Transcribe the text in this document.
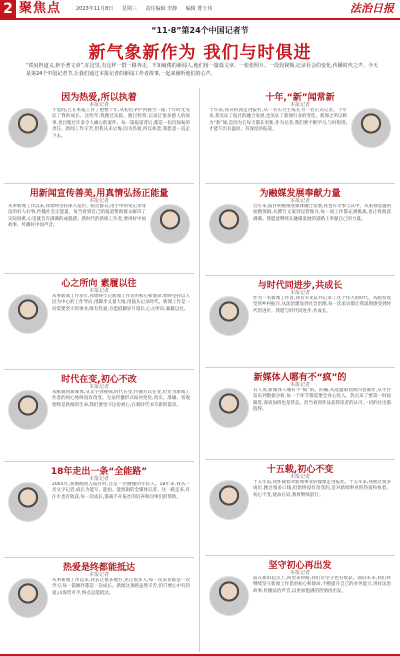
2 聚焦点	2023年11月8日 星期三 责任编辑 李静 编辑 曹玉伟	法治日报
“11·8”第24个中国记者节
新气象新作为 我们与时俱进
“铁肩担道义,妙手著文章”,在这里,有这样一群一路奔走、不知疲倦的新闻人,他们用一篇篇文章、一张张照片、一段段视频,记录社会的变化,传播时代之声。今天是第24个中国记者节,让我们通过本报记者的新闻工作者故事,一起来倾听他们的心声。
因为热爱,所以执着
本报记者
不觉间,已在本报工作了整整十年,从初出茅庐到独当一面,十年时光见证了我的成长。这些年,我跑过法院、跑过检察,记录过很多感人的故事,也目睹过许多令人痛心的案件。每一篇报道背后,都是一份沉甸甸的责任。新闻工作辛苦,但我从未后悔,因为热爱,所以执着,我愿意一直走下去。
用新闻宣传善美,用真情弘扬正能量
本报记者
从事新闻工作以来,我始终坚持深入基层、贴近群众,用手中的笔记录身边的好人好事,传播社会正能量。每当看到自己的报道帮助群众解决了实际困难,心里就会有满满的成就感。新时代的新闻工作者,要讲好中国故事、传播好中国声音。
心之所向 素履以往
本报记者
从事新闻工作多年,我始终牢记新闻工作者的初心和使命,始终坚持以人民为中心的工作导向,用脚步丈量大地,用镜头记录时代。新闻工作是一份需要坚守的事业,唯有热爱,方能抵御岁月漫长,心之所向,素履以往。
时代在变,初心不改
本报记者
从纸媒到新媒体,从文字到视频,时代在变,传播方式在变,但作为新闻工作者的初心始终没有改变。无论传播形式如何变化,真实、准确、客观始终是新闻的生命,我们要坚守这份初心,在新时代书写新的篇章。
18年走出一条“全能路”
本报记者
2005年,我刚刚进入报社时,还是一名懵懂的年轻人。18年来,我从一名文字记者,成长为能写、能拍、能剪辑的全媒体记者。这一路走来,有汗水也有收获,每一次成长,都离不开报社的培养和同事们的帮助。
热爱是终都能抵达
本报记者
从事新闻工作以来,我去过很多地方,见过很多人,每一次采访都是一次学习,每一篇稿件都是一次成长。新闻这条路虽然辛苦,但只要心中有热爱,山海皆可平,终点总能抵达。
十年,“新”闻常新
本报记者
十年前,我从校园走进报社,从一名实习生成长为一名正式记者。十年来,我见证了报社的融合发展,也见证了新闻行业的变化。新闻之所以称为“新”闻,是因为它每天都在更新,作为记者,我们要不断学习,与时俱进,才能写出有温度、有深度的报道。
为融媒发展奉献力量
本报记者
近年来,报社积极推进媒体融合发展,我也有幸参与其中。从策划选题到拍摄剪辑,从撰写文案到运营账号,每一项工作都充满挑战,也让我收获满满。我愿意继续在融媒发展的道路上奉献自己的力量。
与时代同进步,共成长
本报记者
作为一名新闻工作者,我有幸见证并记录了这个伟大的时代。从脱贫攻坚到乡村振兴,从法治建设到社会治理,每一次采访都让我深刻感受到时代的进步。我愿与时代同进步,共成长。
新媒体人哪有不“疯”的
本报记者
有人说,新媒体人哪有不“疯”的。的确,从选题策划到内容制作,从平台发布到数据分析,每一个环节都需要全身心投入。热点来了要第一时间跟进,深夜加班也是常态。但当看到作品获得读者的认可,一切的付出都值得。
十五载,初心不变
本报记者
十五年前,我怀揣着对新闻事业的憧憬走进报社。十五年来,我换过很多岗位,跑过很多口线,但始终没有改变的,是对新闻事业的热爱和执着。初心不变,使命在肩,我将继续前行。
坚守初心再出发
本报记者
站在新的起点上,回望来时路,我们有坚守也有收获。面向未来,我们将继续坚守新闻工作者的初心和使命,不断提升自己的业务能力,讲好法治故事,传播法治声音,以更加饱满的热情再出发。
